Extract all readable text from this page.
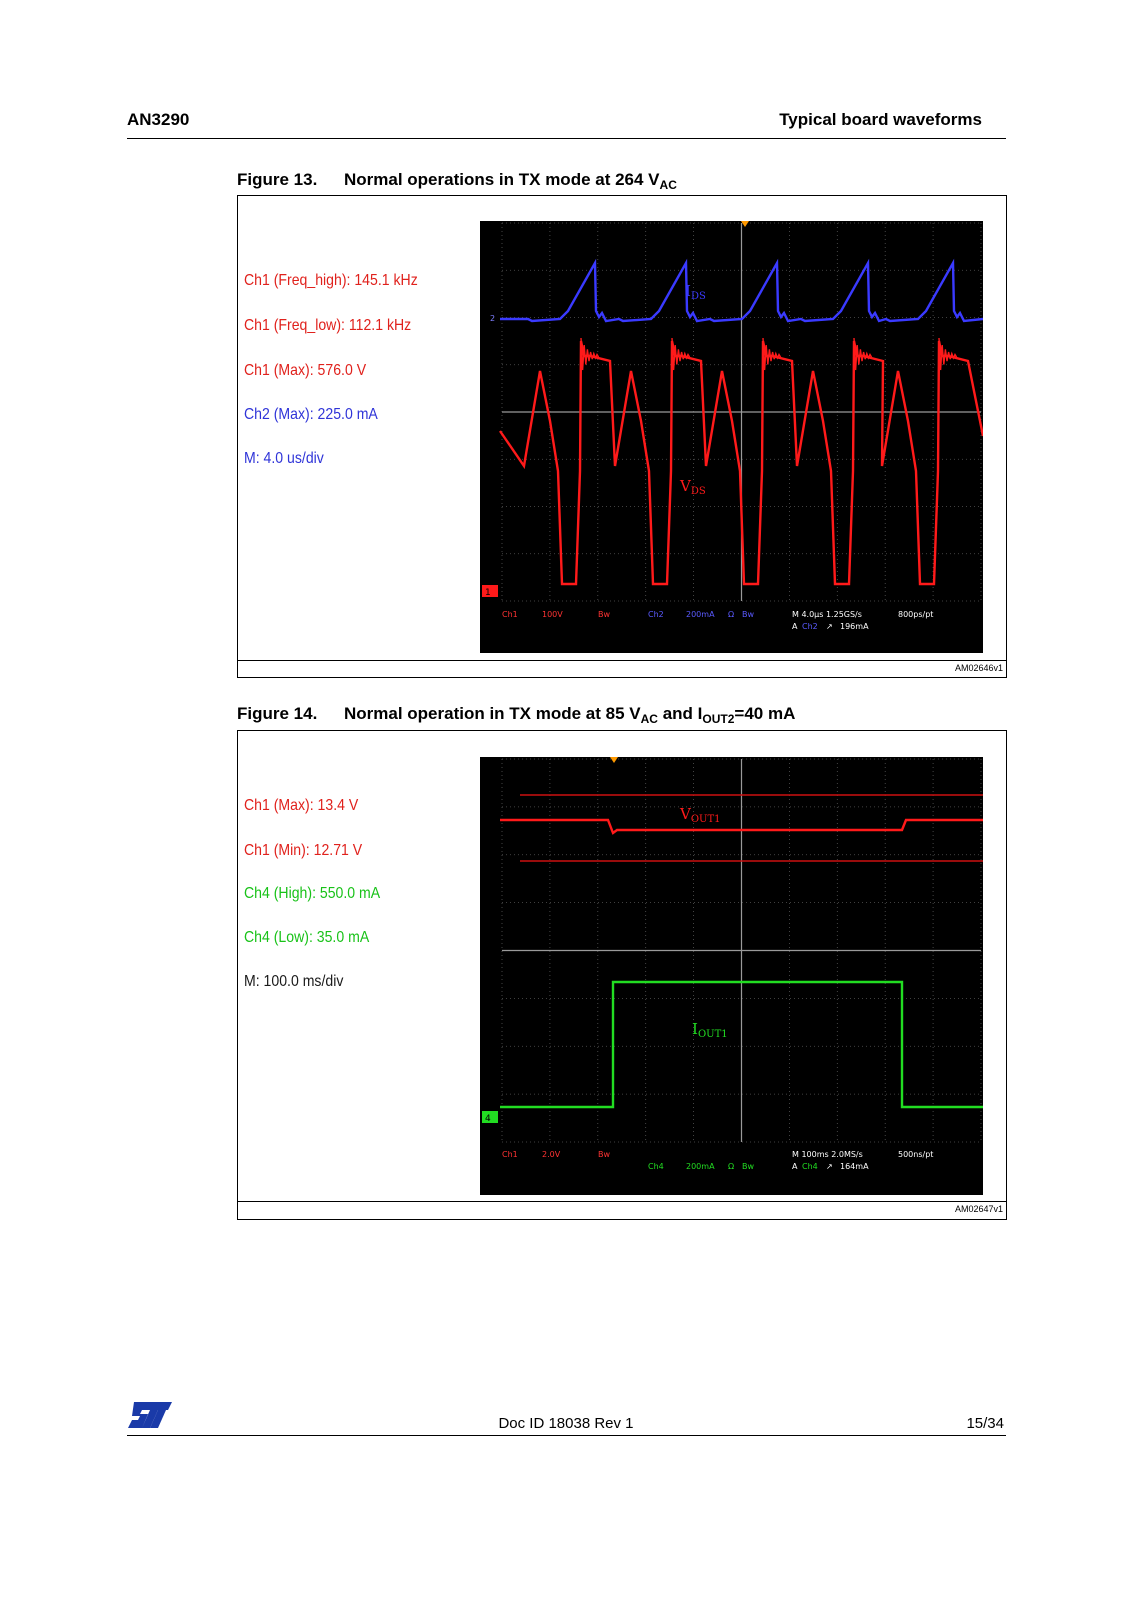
AN3290	Typical board waveforms
Figure 13. Normal operations in TX mode at 264 $V_{AC}$
Ch1 (Freq_high): 145.1 kHz
Ch1 (Freq_low): 112.1 kHz
Ch1 (Max): 576.0 V
Ch2 (Max): 225.0 mA
M: 4.0 us/div
$I_{DS}$
$V_{DS}$
2
1
Ch1	100V	Bw	Ch2	200mA Ω Bw	M 4.0µs 1.25GS/s	800ps/pt
A Ch2 ↗ 196mA
AM02646v1
Figure 14. Normal operation in TX mode at 85 $V_{AC}$ and $I_{OUT2}=40$ mA
Ch1 (Max): 13.4 V
Ch1 (Min): 12.71 V
Ch4 (High): 550.0 mA
Ch4 (Low): 35.0 mA
M: 100.0 ms/div
$V_{OUT1}$
$I_{OUT1}$
4
Ch1	2.0V	Bw
Ch4	200mA Ω Bw
M 100ms 2.0MS/s	500ns/pt
A Ch4 ↗ 164mA
AM02647v1
Doc ID 18038 Rev 1	15/34
